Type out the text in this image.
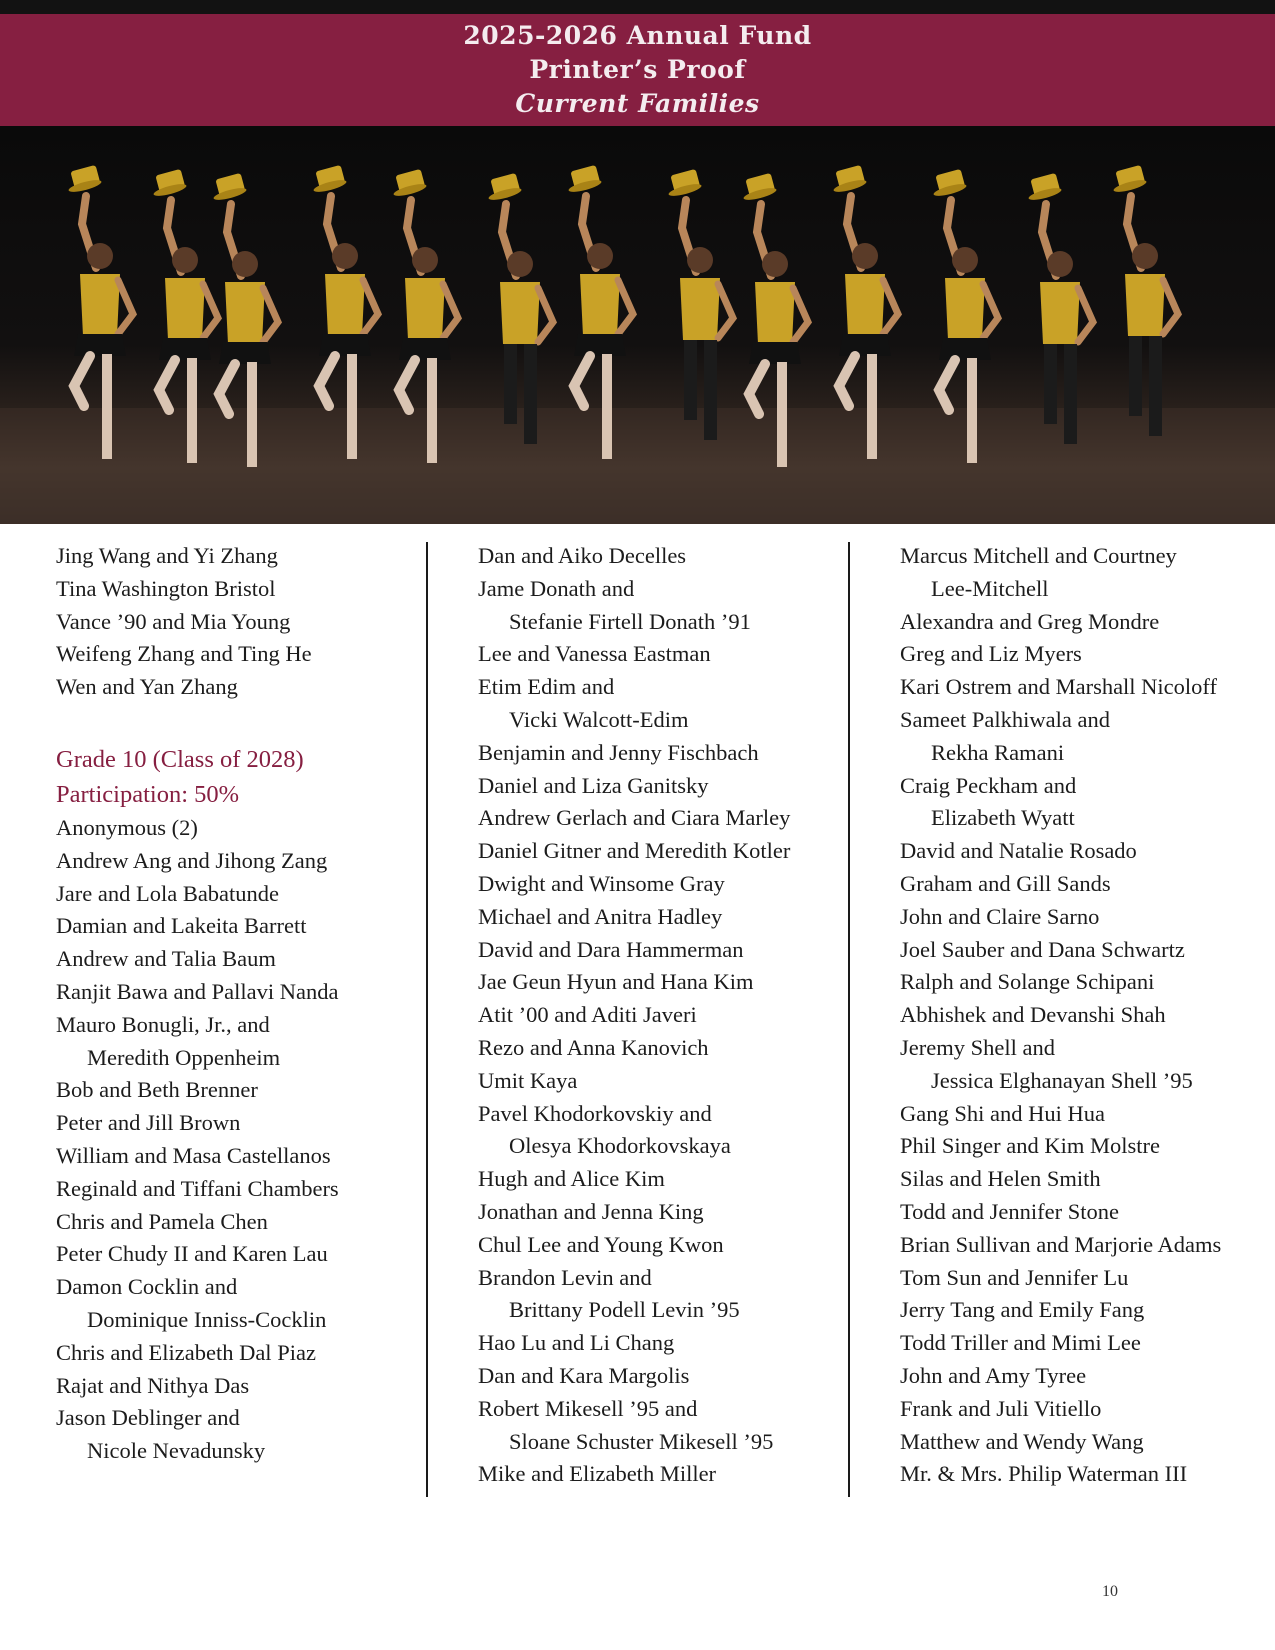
2025-2026 Annual Fund
Printer’s Proof
Current Families
Jing Wang and Yi Zhang
Tina Washington Bristol
Vance ’90 and Mia Young
Weifeng Zhang and Ting He
Wen and Yan Zhang
Grade 10 (Class of 2028)
Participation: 50%
Anonymous (2)
Andrew Ang and Jihong Zang
Jare and Lola Babatunde
Damian and Lakeita Barrett
Andrew and Talia Baum
Ranjit Bawa and Pallavi Nanda
Mauro Bonugli, Jr., and
Meredith Oppenheim
Bob and Beth Brenner
Peter and Jill Brown
William and Masa Castellanos
Reginald and Tiffani Chambers
Chris and Pamela Chen
Peter Chudy II and Karen Lau
Damon Cocklin and
Dominique Inniss-Cocklin
Chris and Elizabeth Dal Piaz
Rajat and Nithya Das
Jason Deblinger and
Nicole Nevadunsky
Dan and Aiko Decelles
Jame Donath and
Stefanie Firtell Donath ’91
Lee and Vanessa Eastman
Etim Edim and
Vicki Walcott-Edim
Benjamin and Jenny Fischbach
Daniel and Liza Ganitsky
Andrew Gerlach and Ciara Marley
Daniel Gitner and Meredith Kotler
Dwight and Winsome Gray
Michael and Anitra Hadley
David and Dara Hammerman
Jae Geun Hyun and Hana Kim
Atit ’00 and Aditi Javeri
Rezo and Anna Kanovich
Umit Kaya
Pavel Khodorkovskiy and
Olesya Khodorkovskaya
Hugh and Alice Kim
Jonathan and Jenna King
Chul Lee and Young Kwon
Brandon Levin and
Brittany Podell Levin ’95
Hao Lu and Li Chang
Dan and Kara Margolis
Robert Mikesell ’95 and
Sloane Schuster Mikesell ’95
Mike and Elizabeth Miller
Marcus Mitchell and Courtney
Lee-Mitchell
Alexandra and Greg Mondre
Greg and Liz Myers
Kari Ostrem and Marshall Nicoloff
Sameet Palkhiwala and
Rekha Ramani
Craig Peckham and
Elizabeth Wyatt
David and Natalie Rosado
Graham and Gill Sands
John and Claire Sarno
Joel Sauber and Dana Schwartz
Ralph and Solange Schipani
Abhishek and Devanshi Shah
Jeremy Shell and
Jessica Elghanayan Shell ’95
Gang Shi and Hui Hua
Phil Singer and Kim Molstre
Silas and Helen Smith
Todd and Jennifer Stone
Brian Sullivan and Marjorie Adams
Tom Sun and Jennifer Lu
Jerry Tang and Emily Fang
Todd Triller and Mimi Lee
John and Amy Tyree
Frank and Juli Vitiello
Matthew and Wendy Wang
Mr. & Mrs. Philip Waterman III
10
